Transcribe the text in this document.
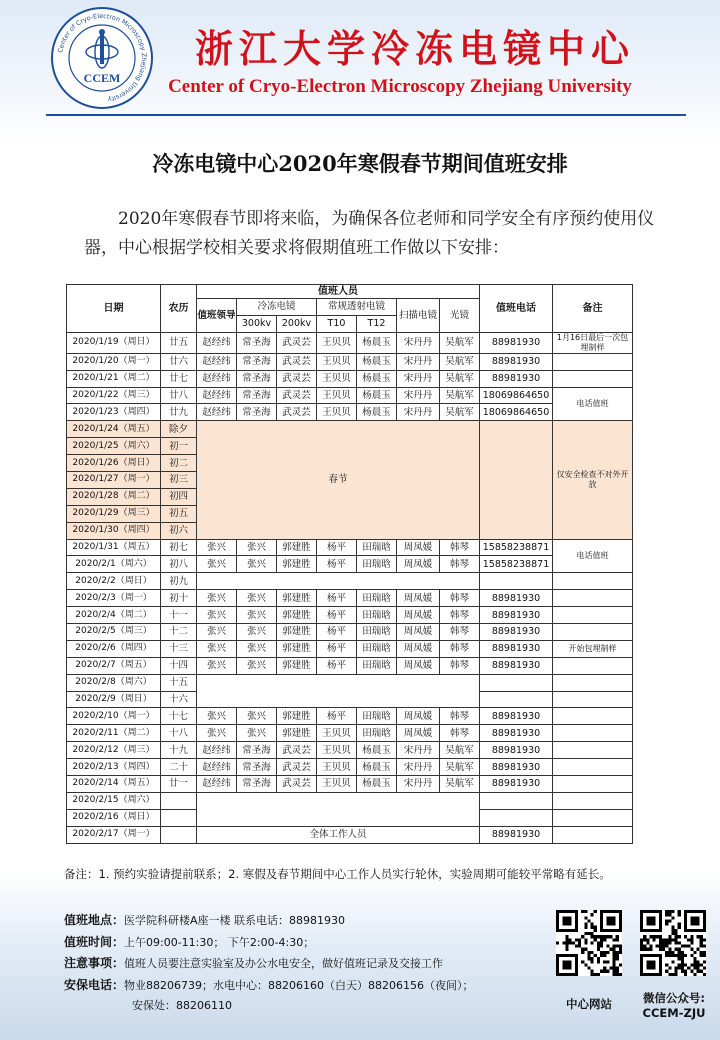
Center of Cryo-Electron Microscopy Zhejiang University
CCEM
浙江大学冷冻电镜中心
Center of Cryo-Electron Microscopy Zhejiang University
冷冻电镜中心2020年寒假春节期间值班安排
2020年寒假春节即将来临，为确保各位老师和同学安全有序预约使用仪器，中心根据学校相关要求将假期值班工作做以下安排：
日期	农历	值班人员							值班电话	备注
		值班领导	冷冻电镜		常规透射电镜		扫描电镜	光镜		
			300kv	200kv	T10	T12				
2020/1/19（周日）	廿五	赵经纬	常圣海	武灵芸	王贝贝	杨晨玉	宋丹丹	吴航军	88981930	1月16日最后一次包埋制样
2020/1/20（周一）	廿六	赵经纬	常圣海	武灵芸	王贝贝	杨晨玉	宋丹丹	吴航军	88981930	
2020/1/21（周二）	廿七	赵经纬	常圣海	武灵芸	王贝贝	杨晨玉	宋丹丹	吴航军	88981930	
2020/1/22（周三）	廿八	赵经纬	常圣海	武灵芸	王贝贝	杨晨玉	宋丹丹	吴航军	18069864650	电话值班
2020/1/23（周四）	廿九	赵经纬	常圣海	武灵芸	王贝贝	杨晨玉	宋丹丹	吴航军	18069864650	
2020/1/24（周五）	除夕	春节								仅安全检查不对外开放
2020/1/25（周六）	初一									
2020/1/26（周日）	初二									
2020/1/27（周一）	初三									
2020/1/28（周二）	初四									
2020/1/29（周三）	初五									
2020/1/30（周四）	初六									
2020/1/31（周五）	初七	张兴	张兴	郭建胜	杨平	田瑞晗	周凤媛	韩琴	15858238871	电话值班
2020/2/1（周六）	初八	张兴	张兴	郭建胜	杨平	田瑞晗	周凤媛	韩琴	15858238871	
2020/2/2（周日）	初九									
2020/2/3（周一）	初十	张兴	张兴	郭建胜	杨平	田瑞晗	周凤媛	韩琴	88981930	
2020/2/4（周二）	十一	张兴	张兴	郭建胜	杨平	田瑞晗	周凤媛	韩琴	88981930	
2020/2/5（周三）	十二	张兴	张兴	郭建胜	杨平	田瑞晗	周凤媛	韩琴	88981930	
2020/2/6（周四）	十三	张兴	张兴	郭建胜	杨平	田瑞晗	周凤媛	韩琴	88981930	开始包埋制样
2020/2/7（周五）	十四	张兴	张兴	郭建胜	杨平	田瑞晗	周凤媛	韩琴	88981930	
2020/2/8（周六）	十五									
2020/2/9（周日）	十六									
2020/2/10（周一）	十七	张兴	张兴	郭建胜	杨平	田瑞晗	周凤媛	韩琴	88981930	
2020/2/11（周二）	十八	张兴	张兴	郭建胜	王贝贝	田瑞晗	周凤媛	韩琴	88981930	
2020/2/12（周三）	十九	赵经纬	常圣海	武灵芸	王贝贝	杨晨玉	宋丹丹	吴航军	88981930	
2020/2/13（周四）	二十	赵经纬	常圣海	武灵芸	王贝贝	杨晨玉	宋丹丹	吴航军	88981930	
2020/2/14（周五）	廿一	赵经纬	常圣海	武灵芸	王贝贝	杨晨玉	宋丹丹	吴航军	88981930	
2020/2/15（周六）										
2020/2/16（周日）										
2020/2/17（周一）		全体工作人员							88981930	
备注：1. 预约实验请提前联系；2. 寒假及春节期间中心工作人员实行轮休，实验周期可能较平常略有延长。
值班地点：医学院科研楼A座一楼 联系电话：88981930
值班时间：上午09:00-11:30； 下午2:00-4:30；
注意事项：值班人员要注意实验室及办公水电安全，做好值班记录及交接工作
安保电话：物业88206739；水电中心：88206160（白天）88206156（夜间）；
安保处：88206110	中心网站	微信公众号:
CCEM-ZJU
